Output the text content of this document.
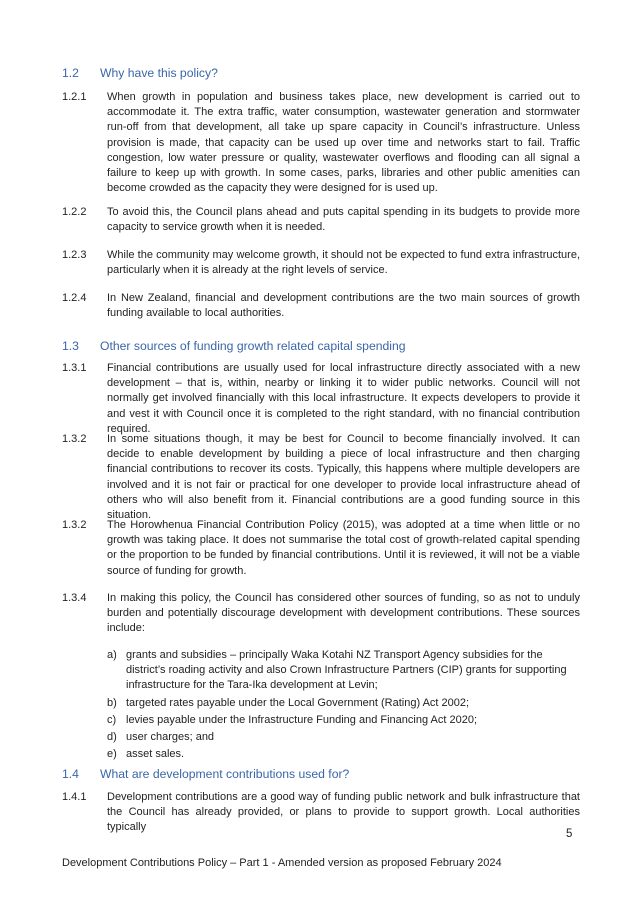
1.2 Why have this policy?
1.2.1 When growth in population and business takes place, new development is carried out to accommodate it. The extra traffic, water consumption, wastewater generation and stormwater run-off from that development, all take up spare capacity in Council’s infrastructure. Unless provision is made, that capacity can be used up over time and networks start to fail. Traffic congestion, low water pressure or quality, wastewater overflows and flooding can all signal a failure to keep up with growth. In some cases, parks, libraries and other public amenities can become crowded as the capacity they were designed for is used up.
1.2.2 To avoid this, the Council plans ahead and puts capital spending in its budgets to provide more capacity to service growth when it is needed.
1.2.3 While the community may welcome growth, it should not be expected to fund extra infrastructure, particularly when it is already at the right levels of service.
1.2.4 In New Zealand, financial and development contributions are the two main sources of growth funding available to local authorities.
1.3 Other sources of funding growth related capital spending
1.3.1 Financial contributions are usually used for local infrastructure directly associated with a new development – that is, within, nearby or linking it to wider public networks. Council will not normally get involved financially with this local infrastructure. It expects developers to provide it and vest it with Council once it is completed to the right standard, with no financial contribution required.
1.3.2 In some situations though, it may be best for Council to become financially involved. It can decide to enable development by building a piece of local infrastructure and then charging financial contributions to recover its costs. Typically, this happens where multiple developers are involved and it is not fair or practical for one developer to provide local infrastructure ahead of others who will also benefit from it. Financial contributions are a good funding source in this situation.
1.3.2 The Horowhenua Financial Contribution Policy (2015), was adopted at a time when little or no growth was taking place. It does not summarise the total cost of growth-related capital spending or the proportion to be funded by financial contributions. Until it is reviewed, it will not be a viable source of funding for growth.
1.3.4 In making this policy, the Council has considered other sources of funding, so as not to unduly burden and potentially discourage development with development contributions. These sources include:
a) grants and subsidies – principally Waka Kotahi NZ Transport Agency subsidies for the district’s roading activity and also Crown Infrastructure Partners (CIP) grants for supporting infrastructure for the Tara-Ika development at Levin;
b) targeted rates payable under the Local Government (Rating) Act 2002;
c) levies payable under the Infrastructure Funding and Financing Act 2020;
d) user charges; and
e) asset sales.
1.4 What are development contributions used for?
1.4.1 Development contributions are a good way of funding public network and bulk infrastructure that the Council has already provided, or plans to provide to support growth. Local authorities typically
5
Development Contributions Policy – Part 1 - Amended version as proposed February 2024
